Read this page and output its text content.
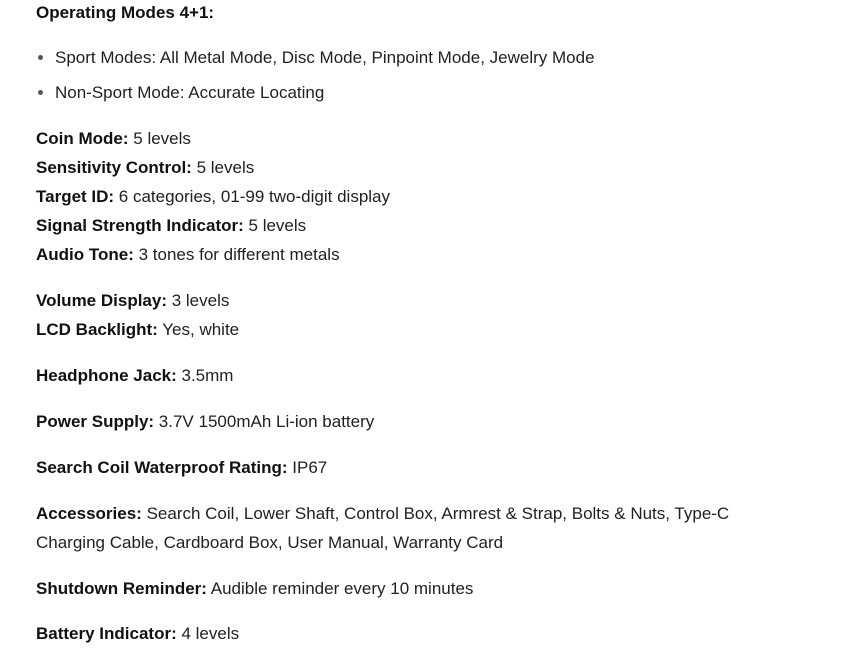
Operating Modes 4+1:
Sport Modes: All Metal Mode, Disc Mode, Pinpoint Mode, Jewelry Mode
Non-Sport Mode: Accurate Locating
Coin Mode: 5 levels
Sensitivity Control: 5 levels
Target ID: 6 categories, 01-99 two-digit display
Signal Strength Indicator: 5 levels
Audio Tone: 3 tones for different metals
Volume Display: 3 levels
LCD Backlight: Yes, white
Headphone Jack: 3.5mm
Power Supply: 3.7V 1500mAh Li-ion battery
Search Coil Waterproof Rating: IP67
Accessories: Search Coil, Lower Shaft, Control Box, Armrest & Strap, Bolts & Nuts, Type-C Charging Cable, Cardboard Box, User Manual, Warranty Card
Shutdown Reminder: Audible reminder every 10 minutes
Battery Indicator: 4 levels
